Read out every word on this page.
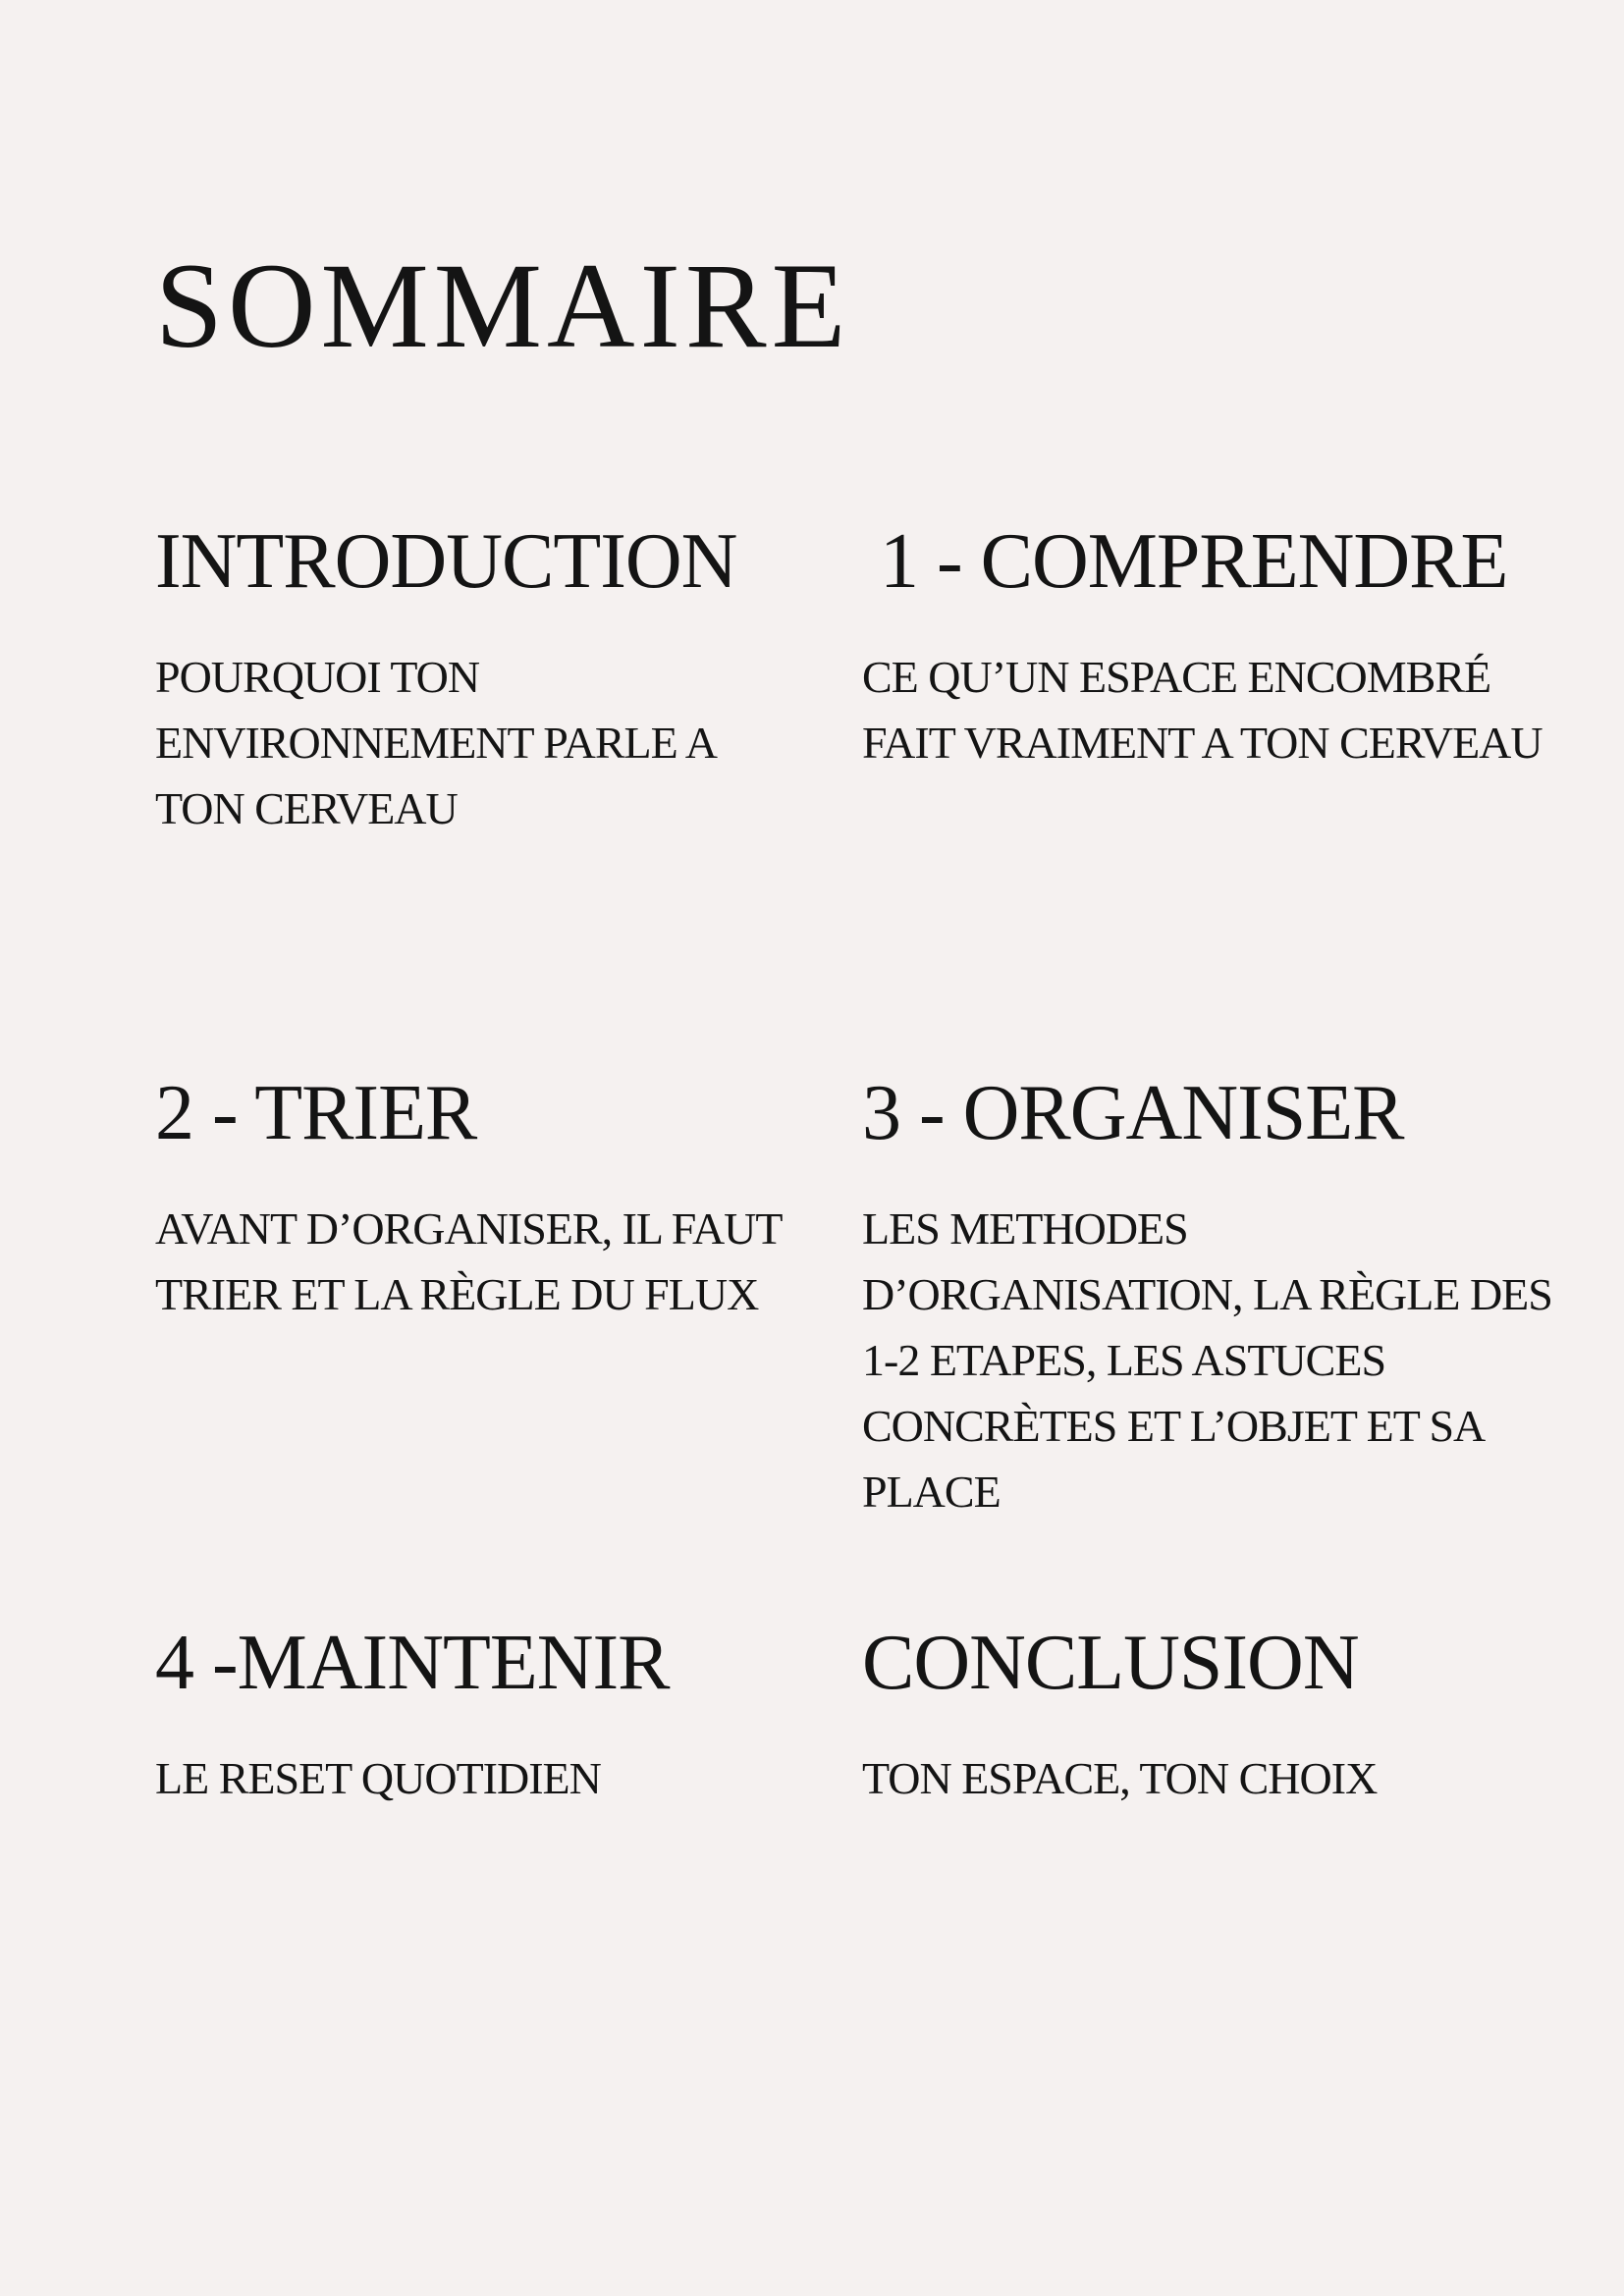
SOMMAIRE
INTRODUCTION

POURQUOI TON ENVIRONNEMENT PARLE A TON CERVEAU

1 - COMPRENDRE

CE QU’UN ESPACE ENCOMBRÉ FAIT VRAIMENT A TON CERVEAU

2 - TRIER

AVANT D’ORGANISER, IL FAUT TRIER ET LA RÈGLE DU FLUX

3 - ORGANISER

LES METHODES D’ORGANISATION, LA RÈGLE DES 1-2 ETAPES, LES ASTUCES CONCRÈTES ET L’OBJET ET SA PLACE

4 -MAINTENIR

LE RESET QUOTIDIEN

CONCLUSION

TON ESPACE, TON CHOIX
